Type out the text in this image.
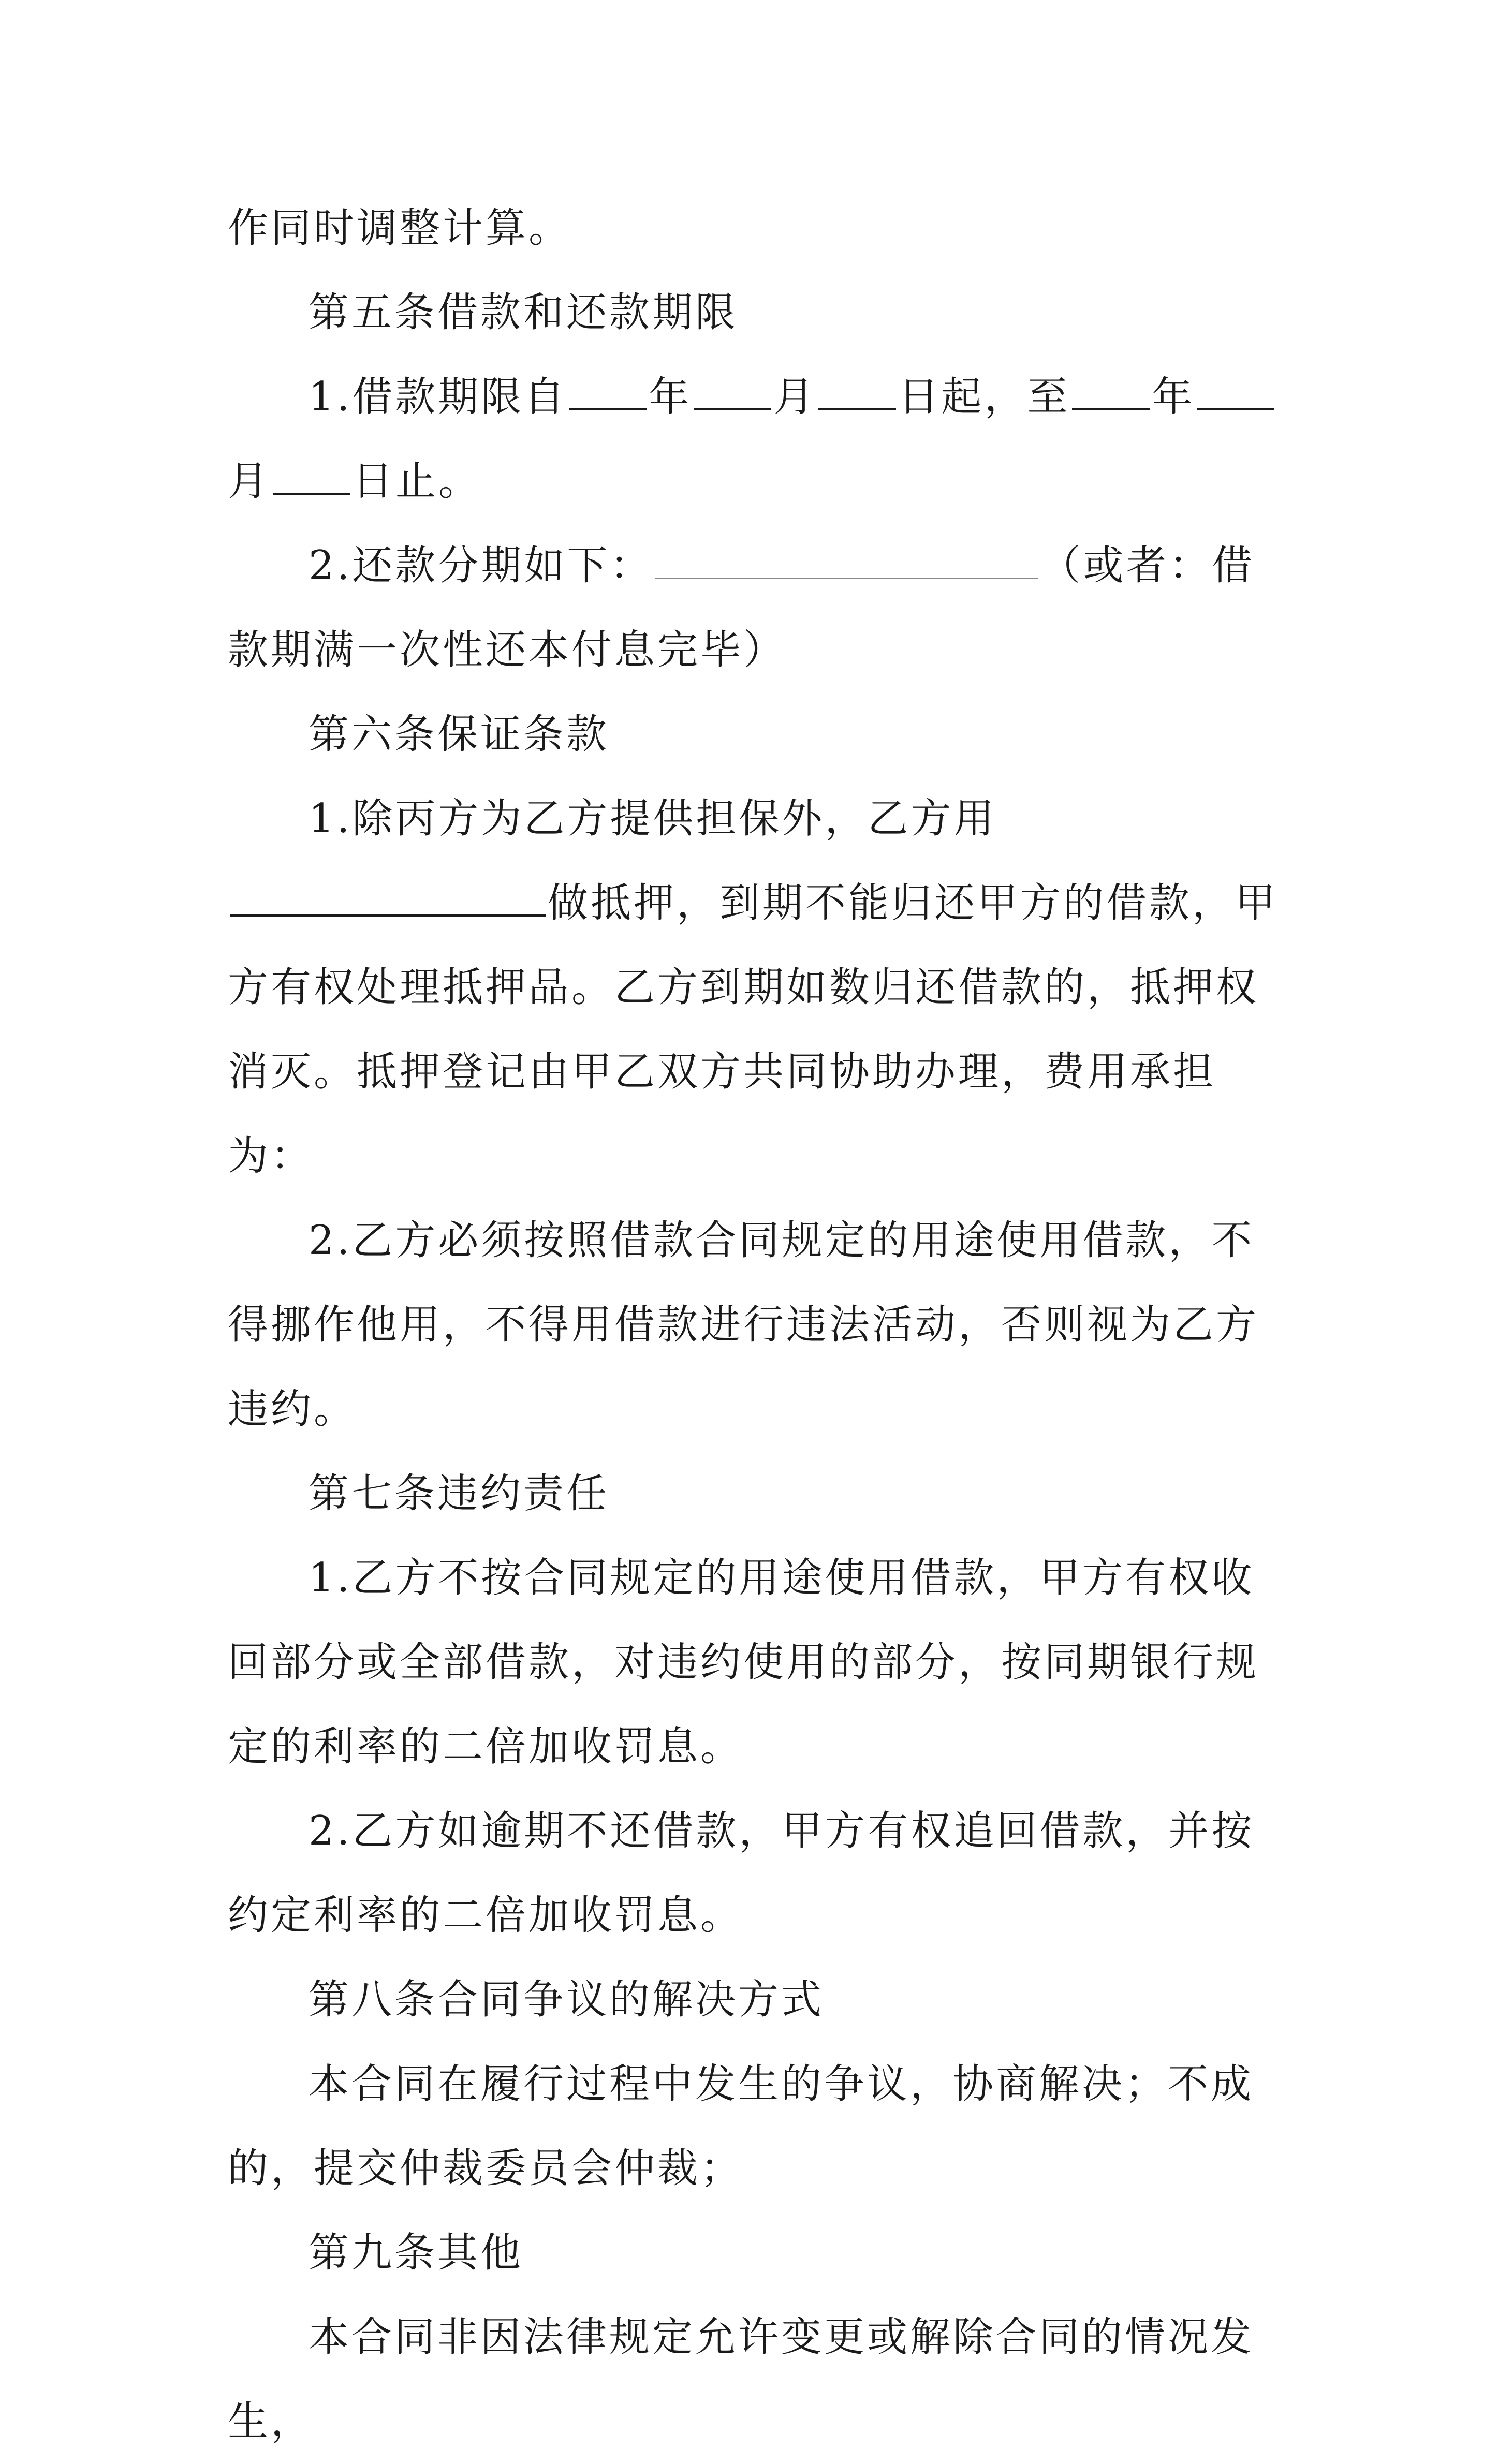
作同时调整计算。

第五条借款和还款期限

1.借款期限自 年 月 日起，至 年月 日止。

2.还款分期如下：	（或者：借款期满一次性还本付息完毕）

第六条保证条款

1.除丙方为乙方提供担保外，乙方用做抵押，到期不能归还甲方的借款，甲方有权处理抵押品。乙方到期如数归还借款的，抵押权消灭。抵押登记由甲乙双方共同协助办理，费用承担为：

2.乙方必须按照借款合同规定的用途使用借款，不得挪作他用，不得用借款进行违法活动，否则视为乙方违约。

第七条违约责任

1.乙方不按合同规定的用途使用借款，甲方有权收回部分或全部借款，对违约使用的部分，按同期银行规定的利率的二倍加收罚息。

2.乙方如逾期不还借款，甲方有权追回借款，并按约定利率的二倍加收罚息。

第八条合同争议的解决方式

本合同在履行过程中发生的争议，协商解决；不成的，提交仲裁委员会仲裁；

第九条其他

本合同非因法律规定允许变更或解除合同的情况发生，
